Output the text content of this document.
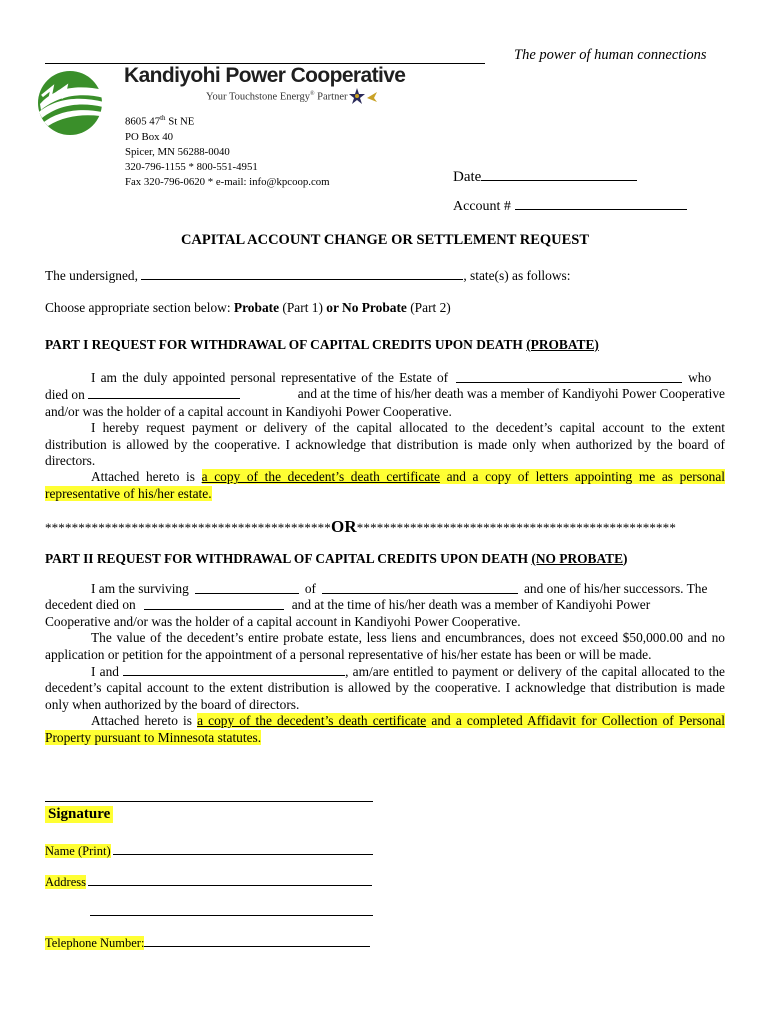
The power of human connections
Kandiyohi Power Cooperative
Your Touchstone Energy® Partner
8605 47th St NE
PO Box 40
Spicer, MN 56288-0040
320-796-1155 * 800-551-4951
Fax 320-796-0620 * e-mail: info@kpcoop.com	Date
Account #
CAPITAL ACCOUNT CHANGE OR SETTLEMENT REQUEST
The undersigned,	, state(s) as follows:
Choose appropriate section below: Probate (Part 1) or No Probate (Part 2)
PART I REQUEST FOR WITHDRAWAL OF CAPITAL CREDITS UPON DEATH (PROBATE)
I am the duly appointed personal representative of the Estate of	who
died on	and at the time of his/her death was a member of Kandiyohi Power Cooperative
and/or was the holder of a capital account in Kandiyohi Power Cooperative.
I hereby request payment or delivery of the capital allocated to the decedent’s capital account to the extent distribution is allowed by the cooperative. I acknowledge that distribution is made only when authorized by the board of directors.
Attached hereto is a copy of the decedent’s death certificate and a copy of letters appointing me as personal representative of his/her estate.
*******************************************OR************************************************
PART II REQUEST FOR WITHDRAWAL OF CAPITAL CREDITS UPON DEATH (NO PROBATE)
I am the surviving	of	and one of his/her successors. The
decedent died on	and at the time of his/her death was a member of Kandiyohi Power
Cooperative and/or was the holder of a capital account in Kandiyohi Power Cooperative.
The value of the decedent’s entire probate estate, less liens and encumbrances, does not exceed $50,000.00 and no application or petition for the appointment of a personal representative of his/her estate has been or will be made.
I and	, am/are entitled to payment or delivery of the capital allocated to the decedent’s capital account to the extent distribution is allowed by the cooperative. I acknowledge that distribution is made only when authorized by the board of directors.
Attached hereto is a copy of the decedent’s death certificate and a completed Affidavit for Collection of Personal Property pursuant to Minnesota statutes.
Signature
Name (Print)
Address
Telephone Number:
